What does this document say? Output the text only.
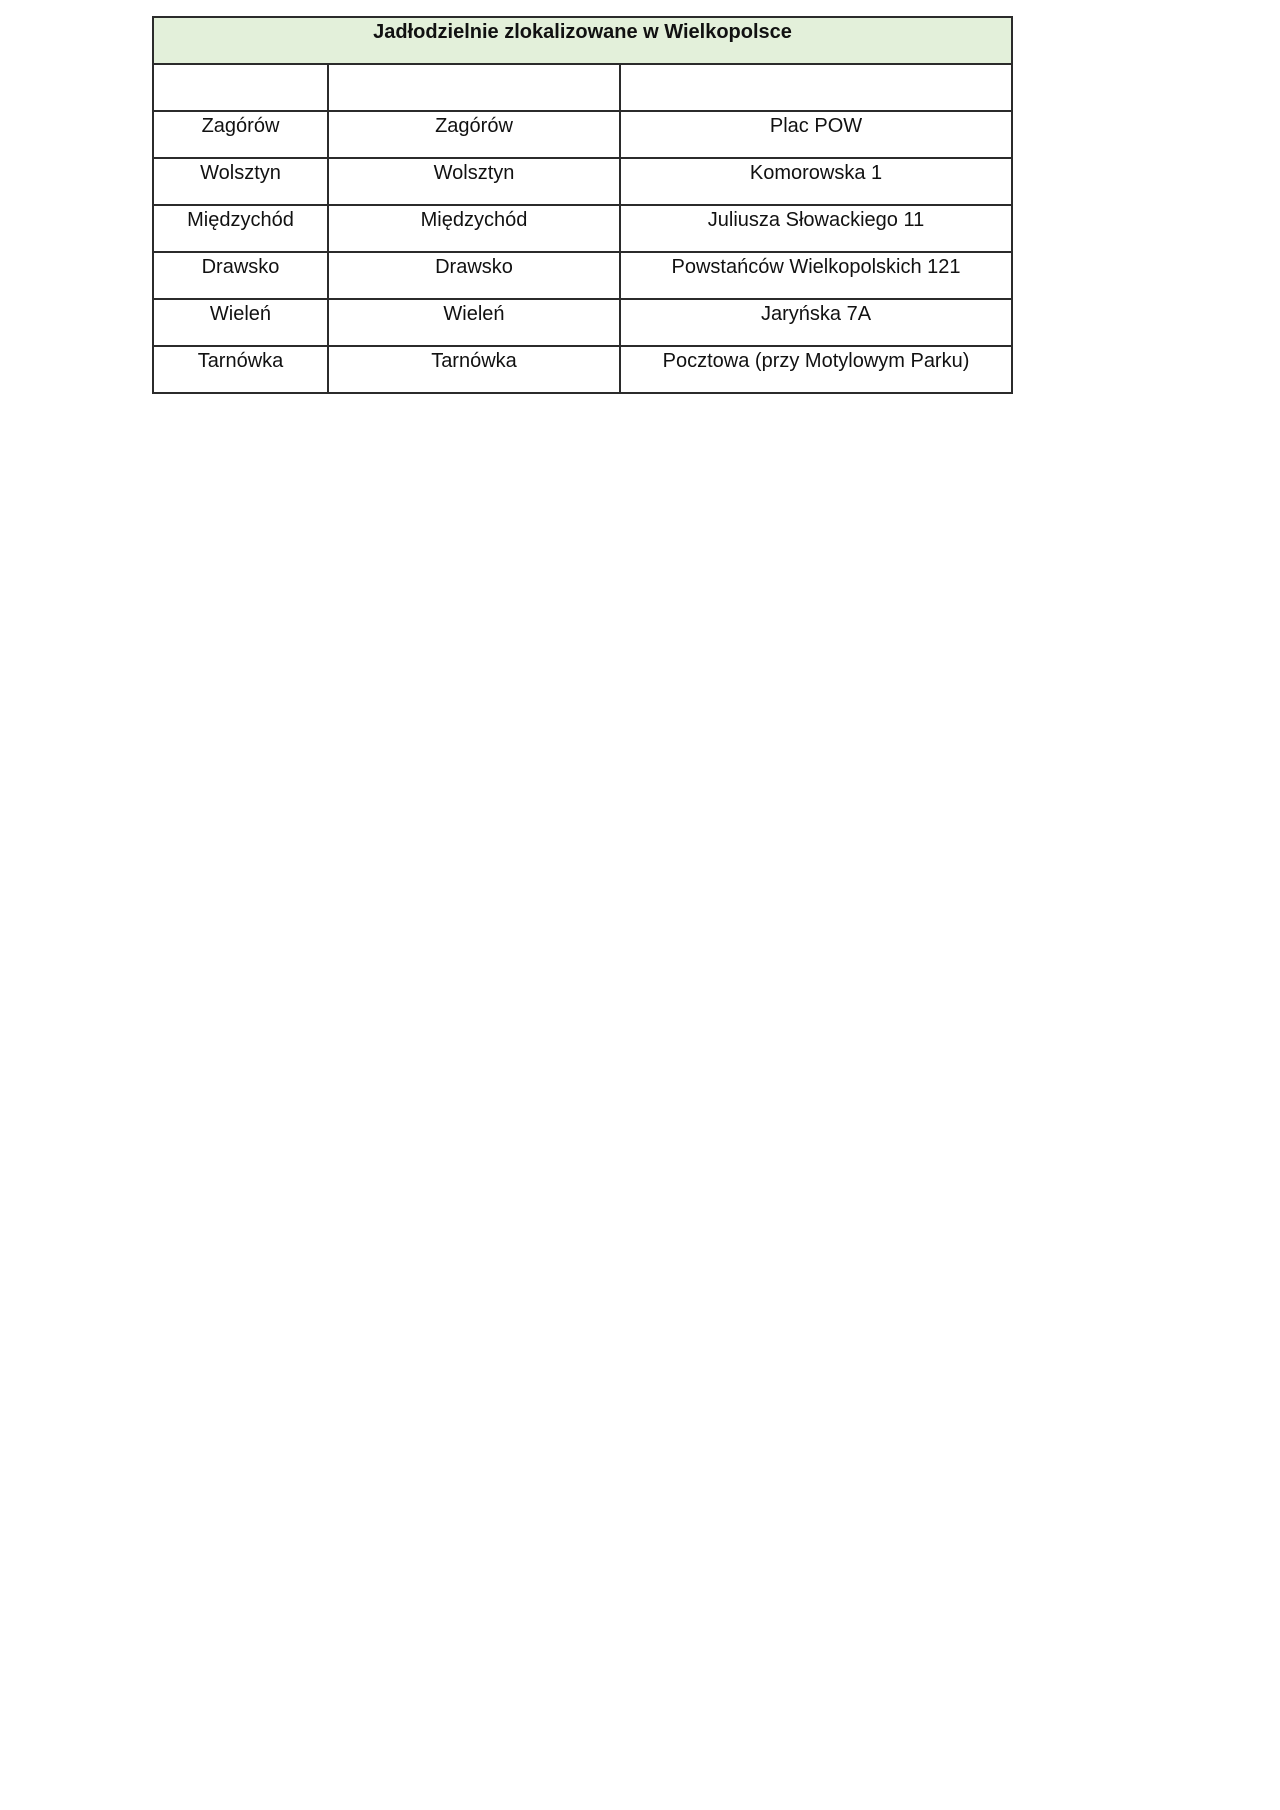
Jadłodzielnie zlokalizowane w Wielkopolsce		

Zagórów	Zagórów	Plac POW

Wolsztyn	Wolsztyn	Komorowska 1

Międzychód	Międzychód	Juliusza Słowackiego 11

Drawsko	Drawsko	Powstańców Wielkopolskich 121

Wieleń	Wieleń	Jaryńska 7A

Tarnówka	Tarnówka	Pocztowa (przy Motylowym Parku)
